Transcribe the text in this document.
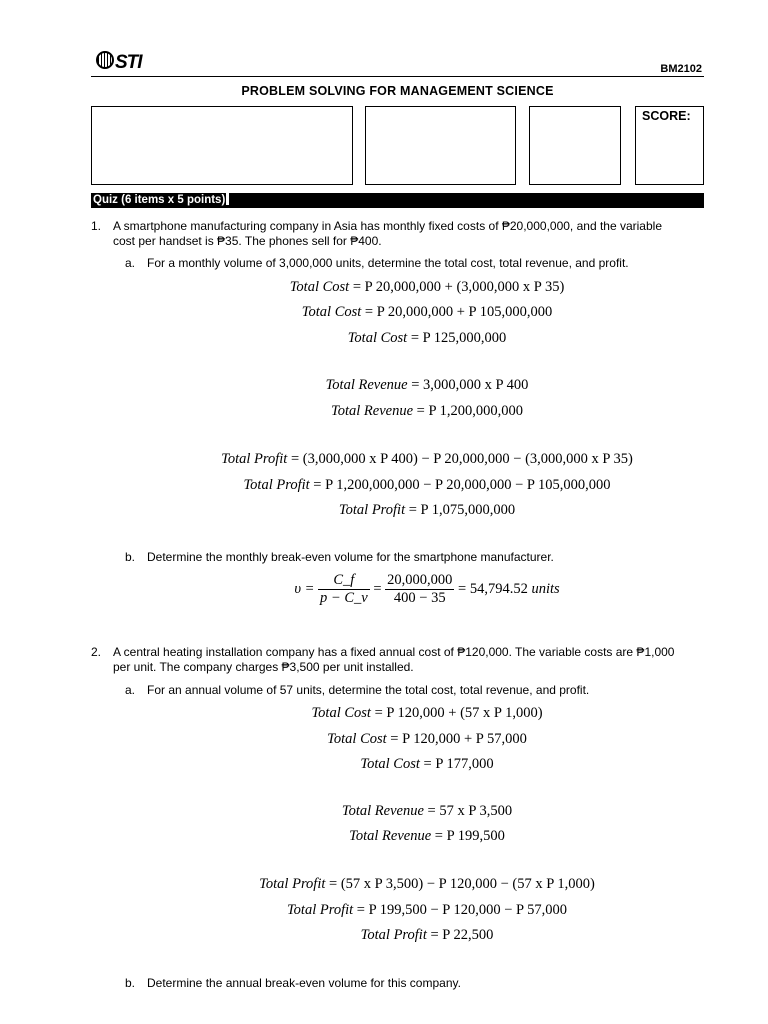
STI	BM2102
PROBLEM SOLVING FOR MANAGEMENT SCIENCE
SCORE:
Quiz (6 items x 5 points)
1. A smartphone manufacturing company in Asia has monthly fixed costs of ₱20,000,000, and the variable
cost per handset is ₱35. The phones sell for ₱400.
a. For a monthly volume of 3,000,000 units, determine the total cost, total revenue, and profit.
Total Cost = P 20,000,000 + (3,000,000 x P 35)
Total Cost = P 20,000,000 + P 105,000,000
Total Cost = P 125,000,000
Total Revenue = 3,000,000 x P 400
Total Revenue = P 1,200,000,000
Total Profit = (3,000,000 x P 400) − P 20,000,000 − (3,000,000 x P 35)
Total Profit = P 1,200,000,000 − P 20,000,000 − P 105,000,000
Total Profit = P 1,075,000,000
b. Determine the monthly break-even volume for the smartphone manufacturer.
$\upsilon = \frac{C\_f}{p - C\_v} = \frac{20,000,000}{400 - 35} = 54,794.52$ units
2. A central heating installation company has a fixed annual cost of ₱120,000. The variable costs are ₱1,000
per unit. The company charges ₱3,500 per unit installed.
a. For an annual volume of 57 units, determine the total cost, total revenue, and profit.
Total Cost = P 120,000 + (57 x P 1,000)
Total Cost = P 120,000 + P 57,000
Total Cost = P 177,000
Total Revenue = 57 x P 3,500
Total Revenue = P 199,500
Total Profit = (57 x P 3,500) − P 120,000 − (57 x P 1,000)
Total Profit = P 199,500 − P 120,000 − P 57,000
Total Profit = P 22,500
b. Determine the annual break-even volume for this company.
